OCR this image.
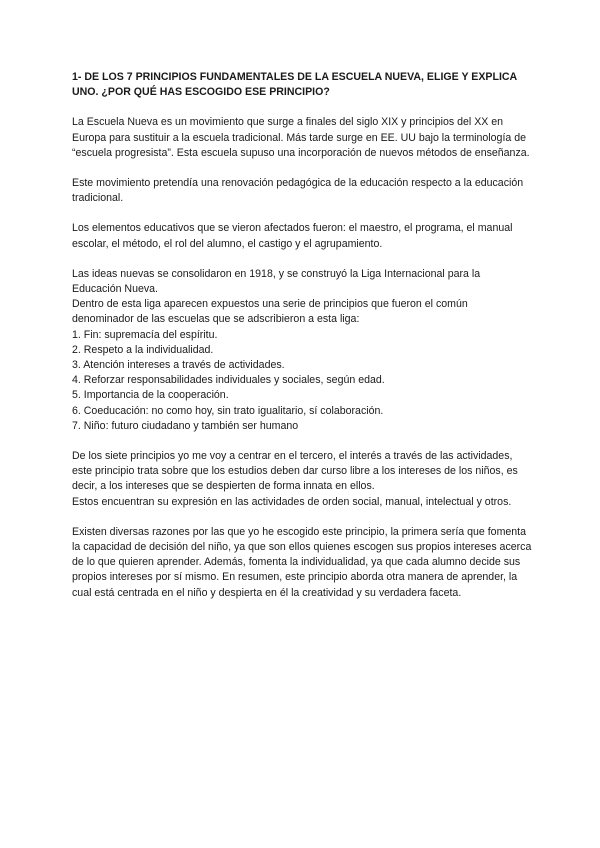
1- DE LOS 7 PRINCIPIOS FUNDAMENTALES DE LA ESCUELA NUEVA, ELIGE Y EXPLICA UNO. ¿POR QUÉ HAS ESCOGIDO ESE PRINCIPIO?

La Escuela Nueva es un movimiento que surge a finales del siglo XIX y principios del XX en Europa para sustituir a la escuela tradicional. Más tarde surge en EE. UU bajo la terminología de “escuela progresista”. Esta escuela supuso una incorporación de nuevos métodos de enseñanza.

Este movimiento pretendía una renovación pedagógica de la educación respecto a la educación tradicional.

Los elementos educativos que se vieron afectados fueron: el maestro, el programa, el manual escolar, el método, el rol del alumno, el castigo y el agrupamiento.

Las ideas nuevas se consolidaron en 1918, y se construyó la Liga Internacional para la Educación Nueva.

Dentro de esta liga aparecen expuestos una serie de principios que fueron el común denominador de las escuelas que se adscribieron a esta liga:

1. Fin: supremacía del espíritu.
2. Respeto a la individualidad.
3. Atención intereses a través de actividades.
4. Reforzar responsabilidades individuales y sociales, según edad.
5. Importancia de la cooperación.
6. Coeducación: no como hoy, sin trato igualitario, sí colaboración.
7. Niño: futuro ciudadano y también ser humano

De los siete principios yo me voy a centrar en el tercero, el interés a través de las actividades, este principio trata sobre que los estudios deben dar curso libre a los intereses de los niños, es decir, a los intereses que se despierten de forma innata en ellos.

Estos encuentran su expresión en las actividades de orden social, manual, intelectual y otros.

Existen diversas razones por las que yo he escogido este principio, la primera sería que fomenta la capacidad de decisión del niño, ya que son ellos quienes escogen sus propios intereses acerca de lo que quieren aprender. Además, fomenta la individualidad, ya que cada alumno decide sus propios intereses por sí mismo. En resumen, este principio aborda otra manera de aprender, la cual está centrada en el niño y despierta en él la creatividad y su verdadera faceta.
